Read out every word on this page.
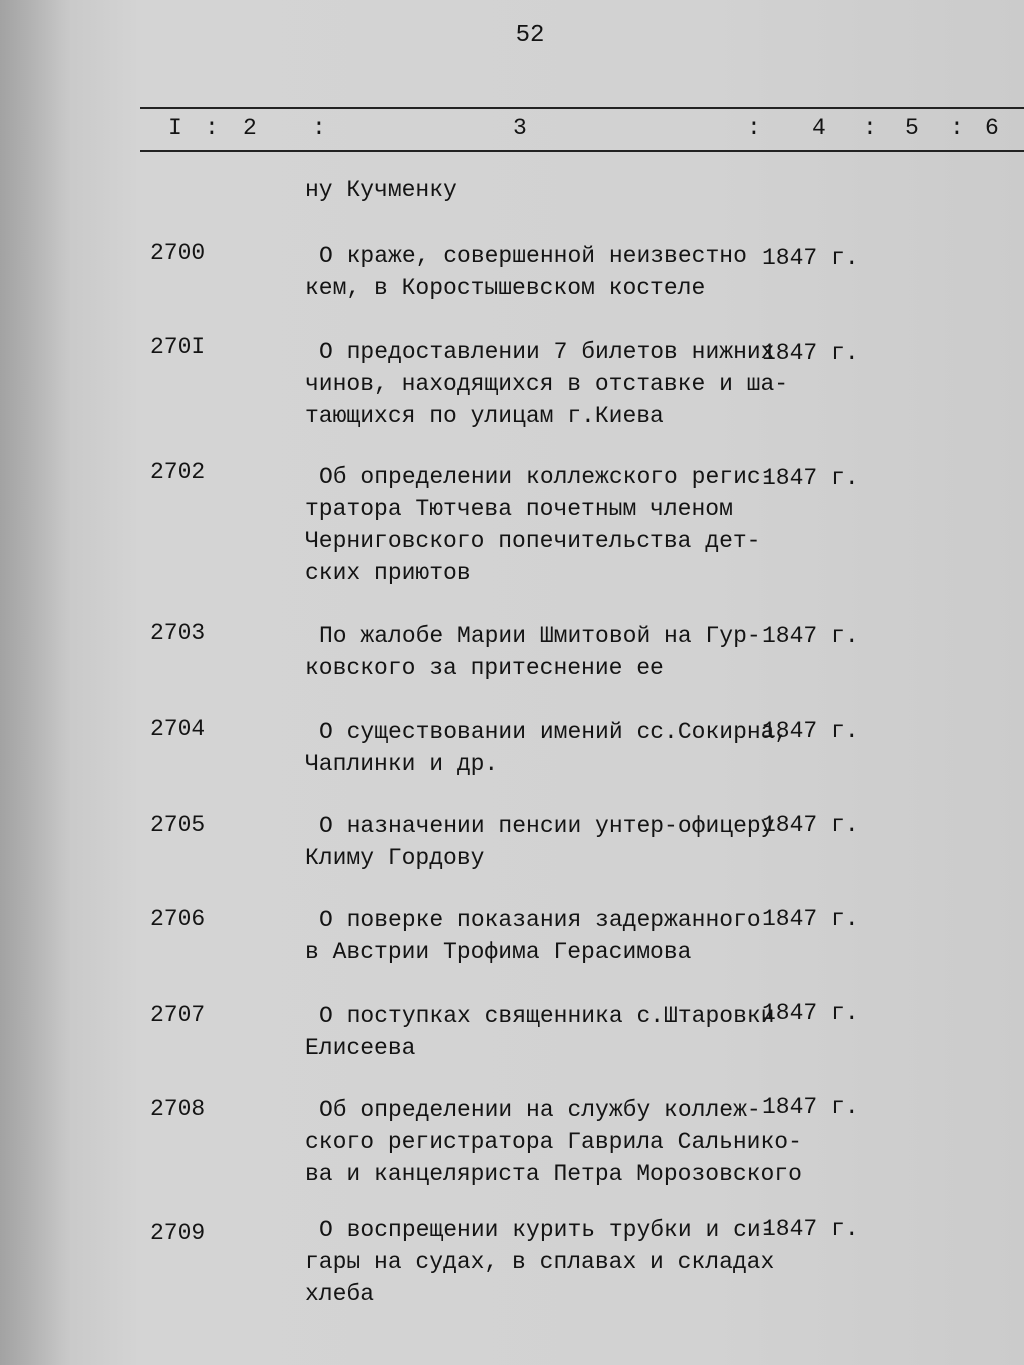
52
I : 2 :	3	: 4 : 5 : 6
ну Кучменку
2700	О краже, совершенной неизвестно
кем, в Коростышевском костеле
1847 г.
270I	О предоставлении 7 билетов нижних
чинов, находящихся в отставке и ша-
тающихся по улицам г.Киева
1847 г.
2702	Об определении коллежского регис-
тратора Тютчева почетным членом
Черниговского попечительства дет-
ских приютов
1847 г.
2703	По жалобе Марии Шмитовой на Гур-
ковского за притеснение ее
1847 г.
2704	О существовании имений сс.Сокирна,
Чаплинки и др.
1847 г.
2705	О назначении пенсии унтер-офицеру
Климу Гордову
1847 г.
2706	О поверке показания задержанного
в Австрии Трофима Герасимова
1847 г.
2707	О поступках священника с.Штаровки
Елисеева
1847 г.
2708	Об определении на службу коллеж-
ского регистратора Гаврила Сальнико-
ва и канцеляриста Петра Морозовского
1847 г.
2709	О воспрещении курить трубки и си-
гары на судах, в сплавах и складах
хлеба
1847 г.
